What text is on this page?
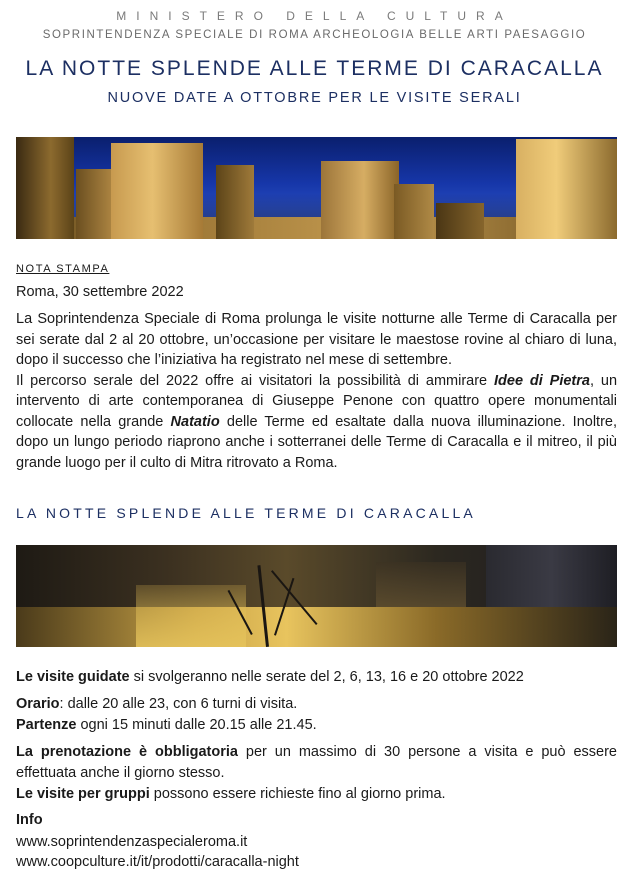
MINISTERO DELLA CULTURA
SOPRINTENDENZA SPECIALE DI ROMA ARCHEOLOGIA BELLE ARTI PAESAGGIO
LA NOTTE SPLENDE ALLE TERME DI CARACALLA
NUOVE DATE A OTTOBRE PER LE VISITE SERALI
NOTA STAMPA
Roma, 30 settembre 2022

La Soprintendenza Speciale di Roma prolunga le visite notturne alle Terme di Caracalla per sei serate dal 2 al 20 ottobre, un’occasione per visitare le maestose rovine al chiaro di luna, dopo il successo che l’iniziativa ha registrato nel mese di settembre.

Il percorso serale del 2022 offre ai visitatori la possibilità di ammirare Idee di Pietra, un intervento di arte contemporanea di Giuseppe Penone con quattro opere monumentali collocate nella grande Natatio delle Terme ed esaltate dalla nuova illuminazione. Inoltre, dopo un lungo periodo riaprono anche i sotterranei delle Terme di Caracalla e il mitreo, il più grande luogo per il culto di Mitra ritrovato a Roma.

LA NOTTE SPLENDE ALLE TERME DI CARACALLA

Le visite guidate si svolgeranno nelle serate del 2, 6, 13, 16 e 20 ottobre 2022

Orario: dalle 20 alle 23, con 6 turni di visita.

Partenze ogni 15 minuti dalle 20.15 alle 21.45.

La prenotazione è obbligatoria per un massimo di 30 persone a visita e può essere effettuata anche il giorno stesso.

Le visite per gruppi possono essere richieste fino al giorno prima.

Info

www.soprintendenzaspecialeroma.it

www.coopculture.it/it/prodotti/caracalla-night
